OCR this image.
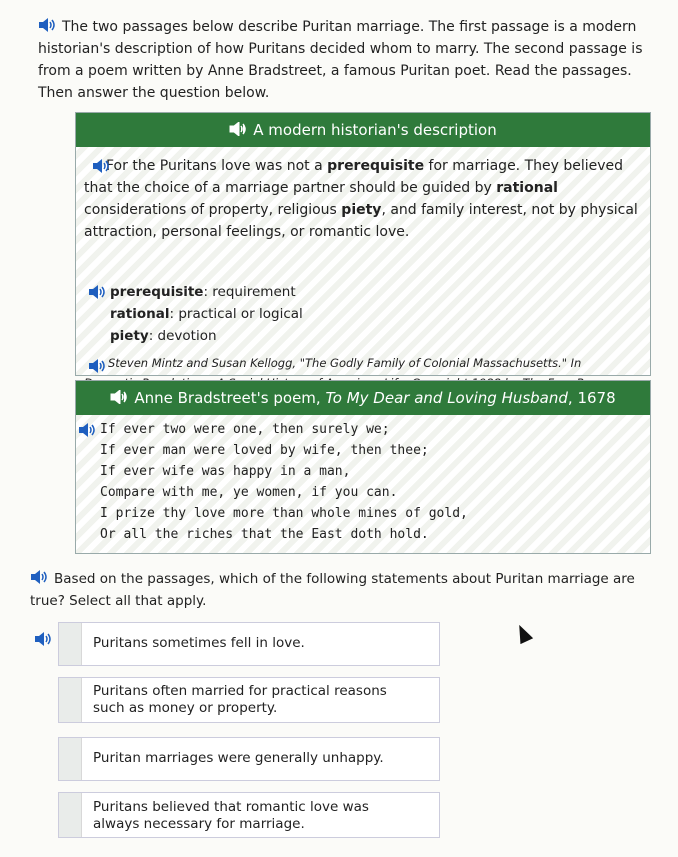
The two passages below describe Puritan marriage. The first passage is a modern historian's description of how Puritans decided whom to marry. The second passage is from a poem written by Anne Bradstreet, a famous Puritan poet. Read the passages. Then answer the question below.
A modern historian's description
For the Puritans love was not a prerequisite for marriage. They believed that the choice of a marriage partner should be guided by rational considerations of property, religious piety, and family interest, not by physical attraction, personal feelings, or romantic love.
prerequisite: requirement
rational: practical or logical
piety: devotion
Steven Mintz and Susan Kellogg, "The Godly Family of Colonial Massachusetts." In
Anne Bradstreet's poem, To My Dear and Loving Husband, 1678
If ever two were one, then surely we;
If ever man were loved by wife, then thee;
If ever wife was happy in a man,
Compare with me, ye women, if you can.
I prize thy love more than whole mines of gold,
Or all the riches that the East doth hold.
Based on the passages, which of the following statements about Puritan marriage are true? Select all that apply.
Puritans sometimes fell in love.
Puritans often married for practical reasons such as money or property.
Puritan marriages were generally unhappy.
Puritans believed that romantic love was always necessary for marriage.
